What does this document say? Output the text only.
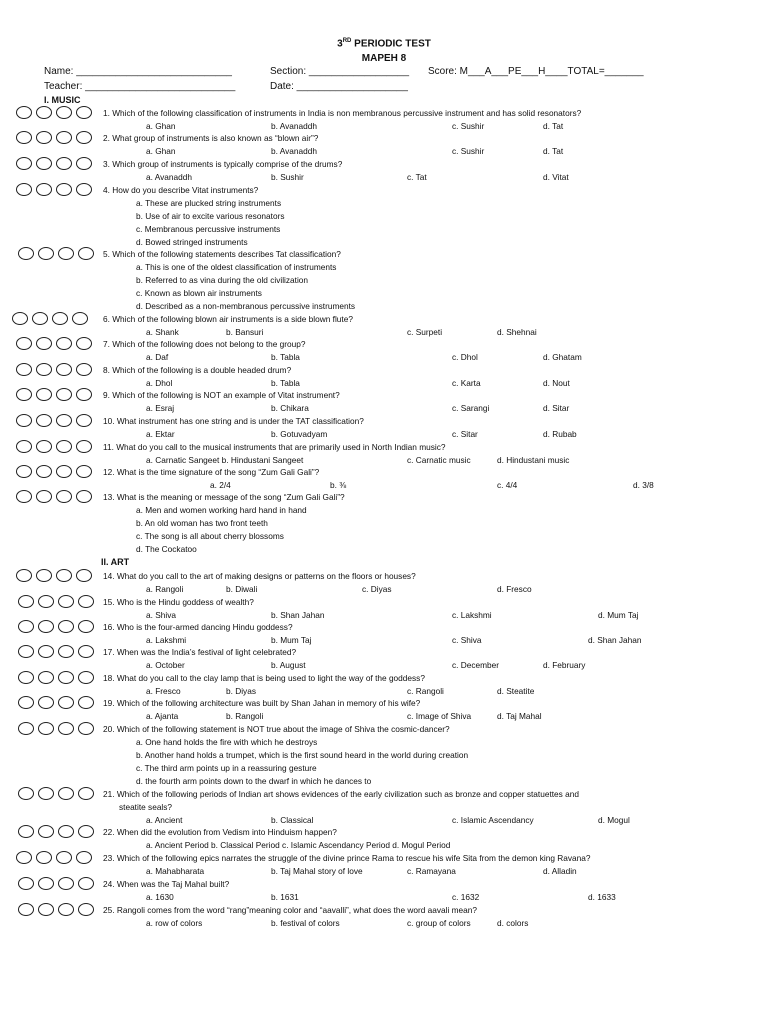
3RD PERIODIC TEST
MAPEH 8
Name: ____________________________	Section: __________________ Score: M___A___PE___H____TOTAL=_______
Teacher: ___________________________	Date: ____________________
I. MUSIC
II. ART
1. Which of the following classification of instruments in India is non membranous percussive instrument and has solid resonators?
a. Ghan	b. Avanaddh	c. Sushir	d. Tat
2. What group of instruments is also known as “blown air”?
a. Ghan	b. Avanaddh	c. Sushir	d. Tat
3. Which group of instruments is typically comprise of the drums?
a. Avanaddh	b. Sushir	c. Tat	d. Vitat
4. How do you describe Vitat instruments?
a. These are plucked string instruments
b. Use of air to excite various resonators
c. Membranous percussive instruments
d. Bowed stringed instruments
5. Which of the following statements describes Tat classification?
a. This is one of the oldest classification of instruments
b. Referred to as vina during the old civilization
c. Known as blown air instruments
d. Described as a non-membranous percussive instruments
6. Which of the following blown air instruments is a side blown flute?
a. Shank	b. Bansuri	c. Surpeti	d. Shehnai
7. Which of the following does not belong to the group?
a. Daf	b. Tabla	c. Dhol	d. Ghatam
8. Which of the following is a double headed drum?
a. Dhol	b. Tabla	c. Karta	d. Nout
9. Which of the following is NOT an example of Vitat instrument?
a. Esraj	b. Chikara	c. Sarangi	d. Sitar
10. What instrument has one string and is under the TAT classification?
a. Ektar	b. Gotuvadyam	c. Sitar	d. Rubab
11. What do you call to the musical instruments that are primarily used in North Indian music?
a. Carnatic Sangeet b. Hindustani Sangeet	c. Carnatic music	d. Hindustani music
12. What is the time signature of the song “Zum Gali Gali”?
a. 2/4	b. ⅜	c. 4/4	d. 3/8
13. What is the meaning or message of the song “Zum Gali Gali”?
a. Men and women working hard hand in hand
b. An old woman has two front teeth
c. The song is all about cherry blossoms
d. The Cockatoo
14. What do you call to the art of making designs or patterns on the floors or houses?
a. Rangoli	b. Diwali	c. Diyas	d. Fresco
15. Who is the Hindu goddess of wealth?
a. Shiva	b. Shan Jahan	c. Lakshmi	d. Mum Taj
16. Who is the four-armed dancing Hindu goddess?
a. Lakshmi	b. Mum Taj	c. Shiva	d. Shan Jahan
17. When was the India’s festival of light celebrated?
a. October	b. August	c. December	d. February
18. What do you call to the clay lamp that is being used to light the way of the goddess?
a. Fresco	b. Diyas	c. Rangoli	d. Steatite
19. Which of the following architecture was built by Shan Jahan in memory of his wife?
a. Ajanta	b. Rangoli	c. Image of Shiva	d. Taj Mahal
20. Which of the following statement is NOT true about the image of Shiva the cosmic-dancer?
a. One hand holds the fire with which he destroys
b. Another hand holds a trumpet, which is the first sound heard in the world during creation
c. The third arm points up in a reassuring gesture
d. the fourth arm points down to the dwarf in which he dances to
21. Which of the following periods of Indian art shows evidences of the early civilization such as bronze and copper statuettes and
steatite seals?
a. Ancient	b. Classical	c. Islamic Ascendancy	d. Mogul
22. When did the evolution from Vedism into Hinduism happen?
a. Ancient Period b. Classical Period c. Islamic Ascendancy Period d. Mogul Period
23. Which of the following epics narrates the struggle of the divine prince Rama to rescue his wife Sita from the demon king Ravana?
a. Mahabharata	b. Taj Mahal story of love	c. Ramayana	d. Alladin
24. When was the Taj Mahal built?
a. 1630	b. 1631	c. 1632	d. 1633
25. Rangoli comes from the word “rang”meaning color and “aavalli”, what does the word aavali mean?
a. row of colors	b. festival of colors	c. group of colors	d. colors
